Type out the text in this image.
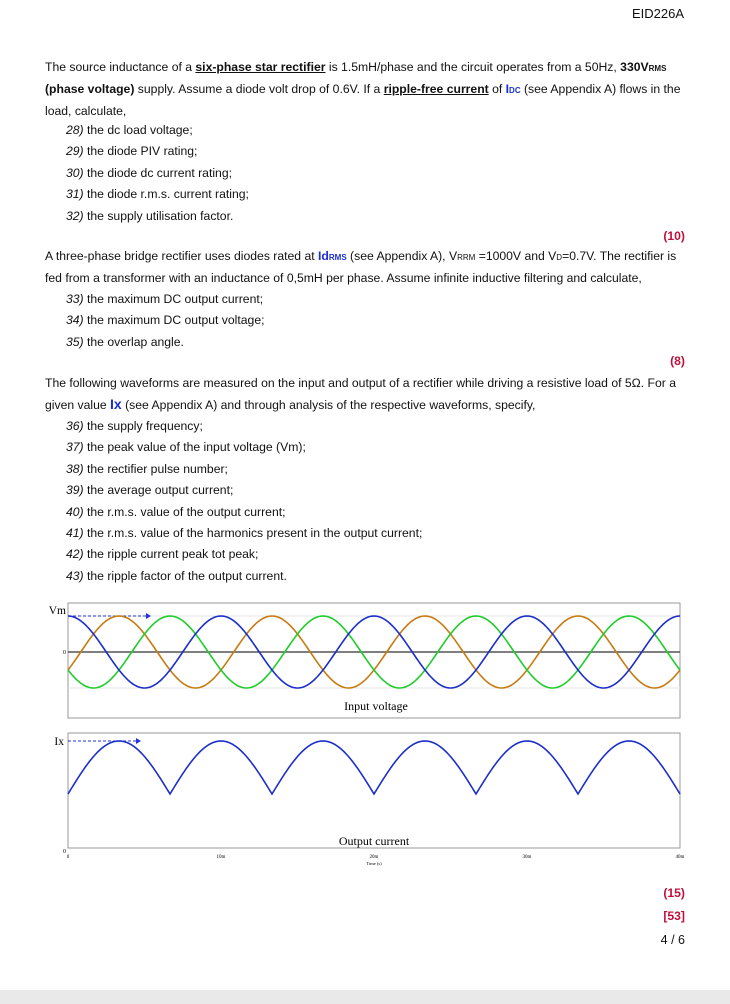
EID226A

The source inductance of a six-phase star rectifier is 1.5mH/phase and the circuit operates from a 50Hz, 330VRMS
(phase voltage) supply. Assume a diode volt drop of 0.6V. If a ripple-free current of IDC (see Appendix A) flows in the load, calculate,

28) the dc load voltage;
29) the diode PIV rating;
30) the diode dc current rating;
31) the diode r.m.s. current rating;
32) the supply utilisation factor.
(10)

A three-phase bridge rectifier uses diodes rated at IdRMS (see Appendix A), VRRM =1000V and VD=0.7V. The rectifier is fed from a transformer with an inductance of 0,5mH per phase. Assume infinite inductive filtering and calculate,

33) the maximum DC output current;
34) the maximum DC output voltage;
35) the overlap angle.
(8)

The following waveforms are measured on the input and output of a rectifier while driving a resistive load of 5Ω. For a given value Ix (see Appendix A) and through analysis of the respective waveforms, specify,

36) the supply frequency;
37) the peak value of the input voltage (Vm);
38) the rectifier pulse number;
39) the average output current;
40) the r.m.s. value of the output current;
41) the r.m.s. value of the harmonics present in the output current;
42) the ripple current peak tot peak;
43) the ripple factor of the output current.
Vm
0
Input voltage
Ix
0
Output current
0	10m	20m	30m	40m
Time (s)
(15)
[53]
4 / 6
